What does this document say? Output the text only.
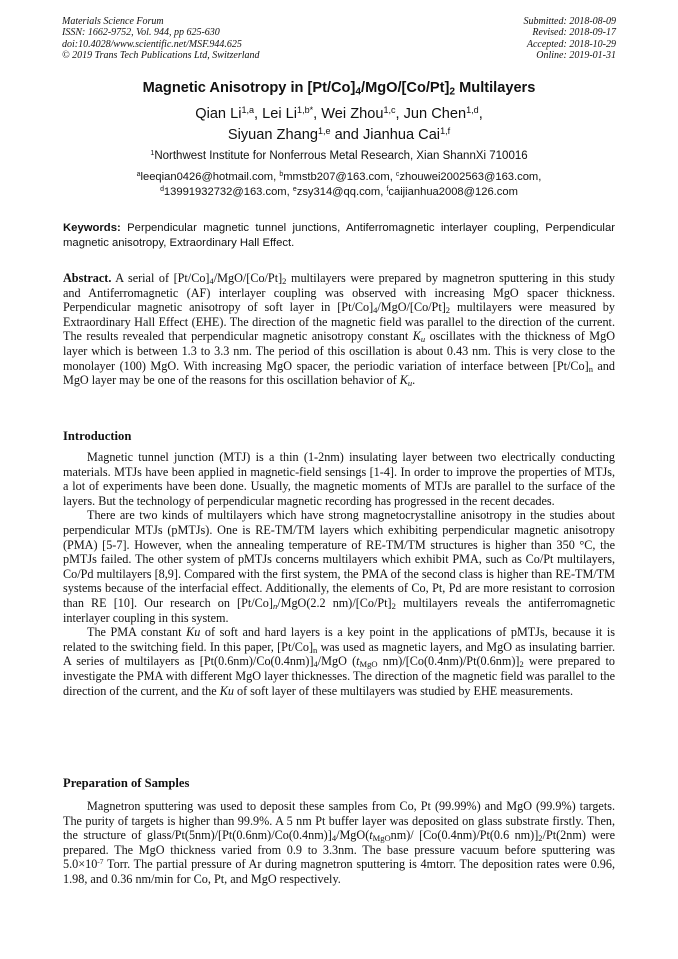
Materials Science Forum
ISSN: 1662-9752, Vol. 944, pp 625-630
doi:10.4028/www.scientific.net/MSF.944.625
© 2019 Trans Tech Publications Ltd, Switzerland
Submitted: 2018-08-09
Revised: 2018-09-17
Accepted: 2018-10-29
Online: 2019-01-31
Magnetic Anisotropy in $[Pt/Co]_4/MgO/[Co/Pt]_2$ Multilayers
Qian Li$^{1,a}$, Lei $Li^{1,b*}$, Wei Zhou$^{1,c}$, Jun Chen$^{1,d}$,
Siyuan Zhang$^{1,e}$ and Jianhua Cai$^{1,f}$
$^1$Northwest Institute for Nonferrous Metal Research, Xian ShannXi 710016
$^a$leeqian0426@hotmail.com, $^b$mmstb207@163.com, $^c$zhouwei2002563@163.com,
$^d$13991932732@163.com, $^e$zsy314@qq.com, $^f$caijianhua2008@126.com
Keywords: Perpendicular magnetic tunnel junctions, Antiferromagnetic interlayer coupling, Perpendicular magnetic anisotropy, Extraordinary Hall Effect.
Abstract. A serial of $[Pt/Co]_4/MgO/[Co/Pt]_2$ multilayers were prepared by magnetron sputtering in this study and Antiferromagnetic (AF) interlayer coupling was observed with increasing MgO spacer thickness. Perpendicular magnetic anisotropy of soft layer in $[Pt/Co]_4/MgO/[Co/Pt]_2$ multilayers were measured by Extraordinary Hall Effect (EHE). The direction of the magnetic field was parallel to the direction of the current. The results revealed that perpendicular magnetic anisotropy constant $K_u$ oscillates with the thickness of MgO layer which is between 1.3 to 3.3 nm. The period of this oscillation is about 0.43 nm. This is very close to the monolayer (100) MgO. With increasing MgO spacer, the periodic variation of interface between $[Pt/Co]_n$ and MgO layer may be one of the reasons for this oscillation behavior of $K_u$.
Introduction

Magnetic tunnel junction (MTJ) is a thin (1-2nm) insulating layer between two electrically conducting materials. MTJs have been applied in magnetic-field sensings [1-4]. In order to improve the properties of MTJs, a lot of experiments have been done. Usually, the magnetic moments of MTJs are parallel to the surface of the layers. But the technology of perpendicular magnetic recording has progressed in the recent decades.

There are two kinds of multilayers which have strong magnetocrystalline anisotropy in the studies about perpendicular MTJs (pMTJs). One is RE-TM/TM layers which exhibiting perpendicular magnetic anisotropy (PMA) [5-7]. However, when the annealing temperature of RE-TM/TM structures is higher than 350 °C, the pMTJs failed. The other system of pMTJs concerns multilayers which exhibit PMA, such as Co/Pt multilayers, Co/Pd multilayers [8,9]. Compared with the first system, the PMA of the second class is higher than RE-TM/TM systems because of the interfacial effect. Additionally, the elements of Co, Pt, Pd are more resistant to corrosion than RE [10]. Our research on $[Pt/Co]_n/MgO(2.2$ $nm)/[Co/Pt]_2$ multilayers reveals the antiferromagnetic interlayer coupling in this system.

The PMA constant Ku of soft and hard layers is a key point in the applications of pMTJs, because it is related to the switching field. In this paper, $[Pt/Co]_n$ was used as magnetic layers, and MgO as insulating barrier. A series of multilayers as $[Pt(0.6nm)/Co(0.4nm)]_4$/MgO ($t_{MgO}$ $nm)/[Co(0.4nm)/Pt(0.6nm)]_2$ were prepared to investigate the PMA with different MgO layer thicknesses. The direction of the magnetic field was parallel to the direction of the current, and the Ku of soft layer of these multilayers was studied by EHE measurements.

Preparation of Samples

Magnetron sputtering was used to deposit these samples from Co, Pt (99.99%) and MgO (99.9%) targets. The purity of targets is higher than 99.9%. A 5 nm Pt buffer layer was deposited on glass substrate firstly. Then, the structure of glass/$Pt(5nm)/[Pt(0.6nm)/Co(0.4nm)]_4/MgO(t_{MgO}nm)/$ [Co(0.4nm)/Pt(0.6 $nm)]_2/Pt(2nm)$ were prepared. The MgO thickness varied from 0.9 to 3.3nm. The base pressure vacuum before sputtering was $5.0\times 10^{-7}$ Torr. The partial pressure of Ar during magnetron sputtering is 4mtorr. The deposition rates were 0.96, 1.98, and 0.36 nm/min for Co, Pt, and MgO respectively.
